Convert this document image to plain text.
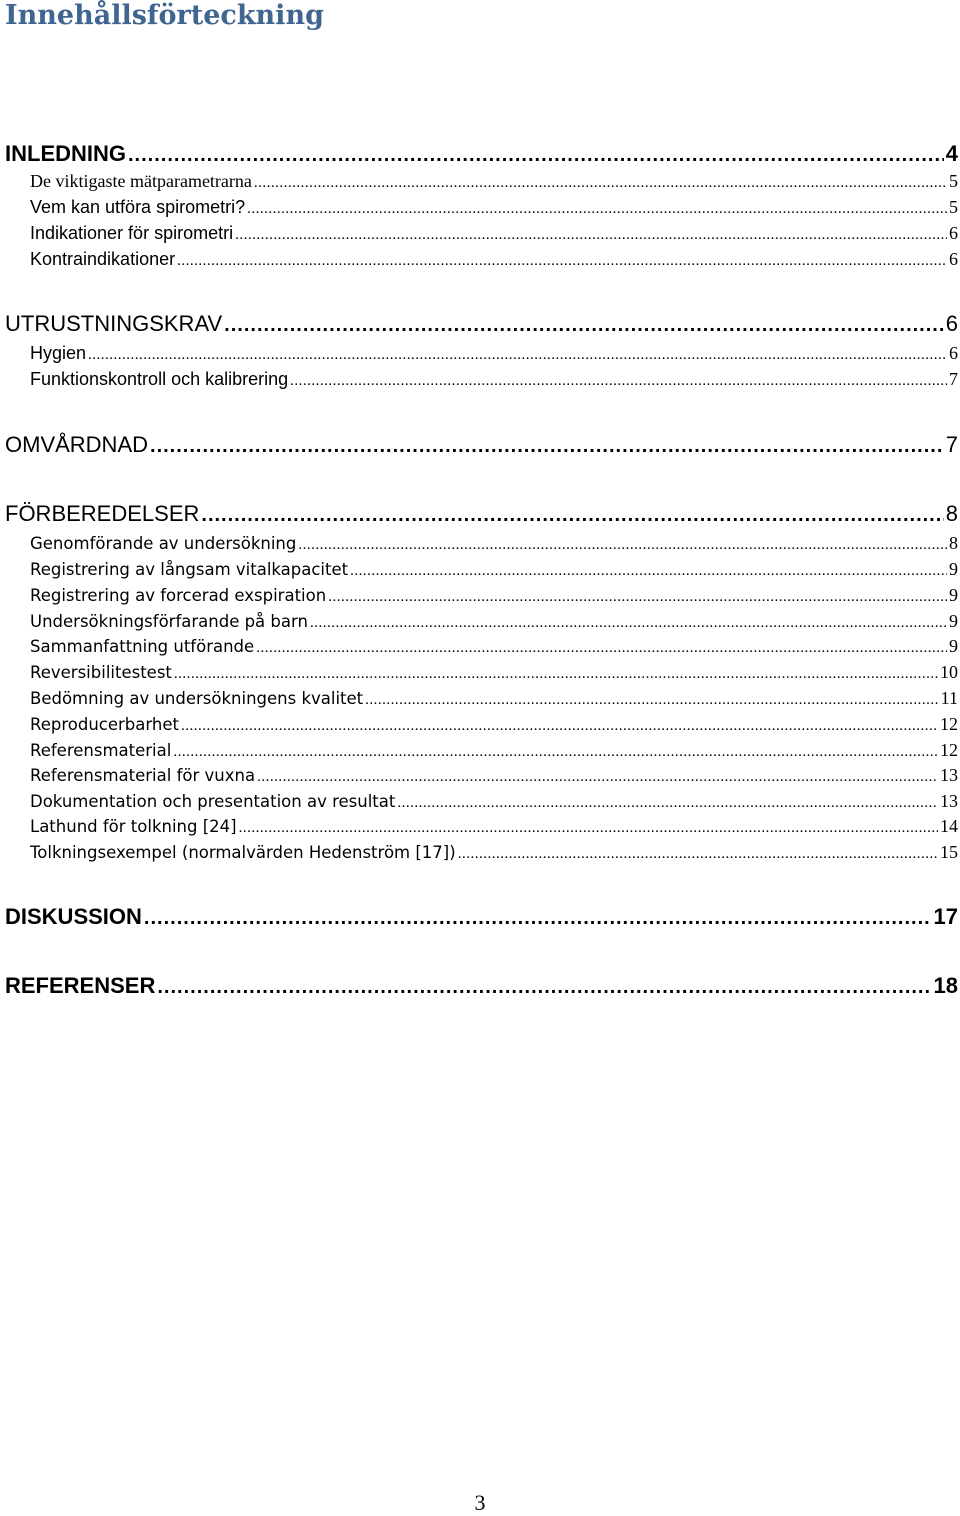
Innehållsförteckning
INLEDNING .....	4
De viktigaste mätparametrarna .....	5
Vem kan utföra spirometri? .....	5
Indikationer för spirometri .....	6
Kontraindikationer .....	6
UTRUSTNINGSKRAV .....	6
Hygien .....	6
Funktionskontroll och kalibrering .....	7
OMVÅRDNAD .....	7
FÖRBEREDELSER .....	8
Genomförande av undersökning .....	8
Registrering av långsam vitalkapacitet .....	9
Registrering av forcerad exspiration .....	9
Undersökningsförfarande på barn .....	9
Sammanfattning utförande .....	9
Reversibilitestest .....	10
Bedömning av undersökningens kvalitet .....	11
Reproducerbarhet .....	12
Referensmaterial .....	12
Referensmaterial för vuxna .....	13
Dokumentation och presentation av resultat .....	13
Lathund för tolkning [24] .....	14
Tolkningsexempel (normalvärden Hedenström [17]) .....	15
DISKUSSION .....	17
REFERENSER .....	18
3
